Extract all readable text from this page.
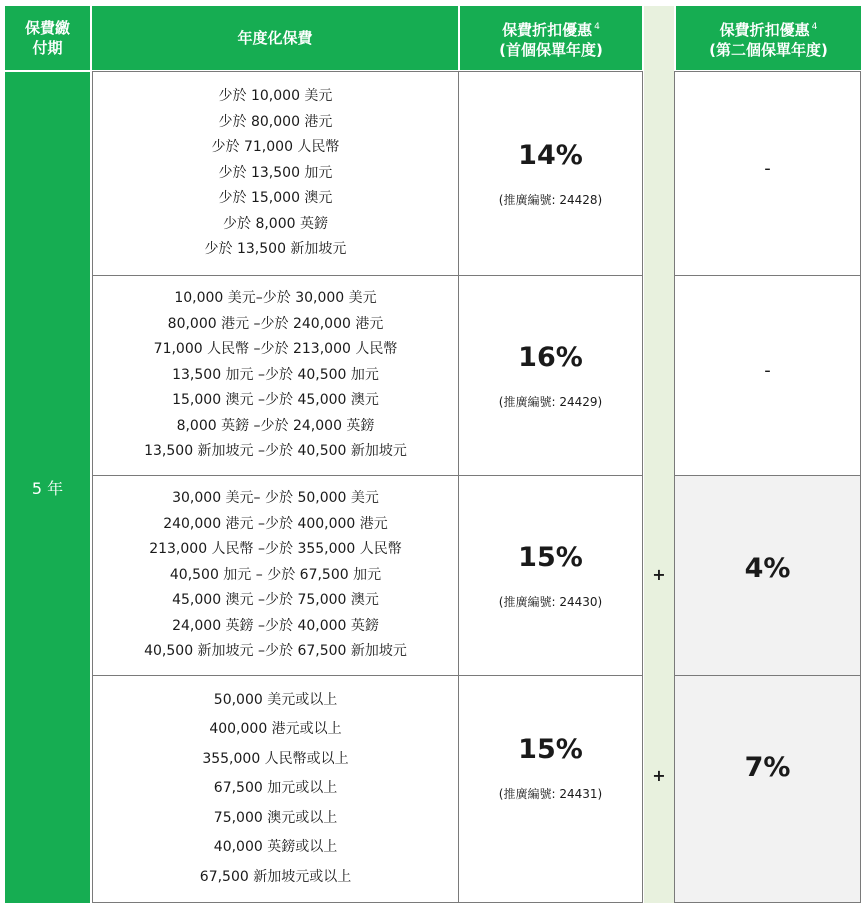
保費繳
付期
年度化保費	保費折扣優惠 $^4$
(首個保單年度)
保費折扣優惠 $^4$
(第二個保單年度)
5 年
少於 10,000 美元
少於 80,000 港元
少於 71,000 人民幣
少於 13,500 加元
少於 15,000 澳元
少於 8,000 英鎊
少於 13,500 新加坡元
14%
(推廣編號: 24428)
-
10,000 美元–少於 30,000 美元
80,000 港元 –少於 240,000 港元
71,000 人民幣 –少於 213,000 人民幣
13,500 加元 –少於 40,500 加元
15,000 澳元 –少於 45,000 澳元
8,000 英鎊 –少於 24,000 英鎊
13,500 新加坡元 –少於 40,500 新加坡元
16%
(推廣編號: 24429)
-
30,000 美元– 少於 50,000 美元
240,000 港元 –少於 400,000 港元
213,000 人民幣 –少於 355,000 人民幣
40,500 加元 – 少於 67,500 加元
45,000 澳元 –少於 75,000 澳元
24,000 英鎊 –少於 40,000 英鎊
40,500 新加坡元 –少於 67,500 新加坡元
15%
(推廣編號: 24430)
4%
+
50,000 美元或以上
400,000 港元或以上
355,000 人民幣或以上
67,500 加元或以上
75,000 澳元或以上
40,000 英鎊或以上
67,500 新加坡元或以上
15%
(推廣編號: 24431)
7%
+
